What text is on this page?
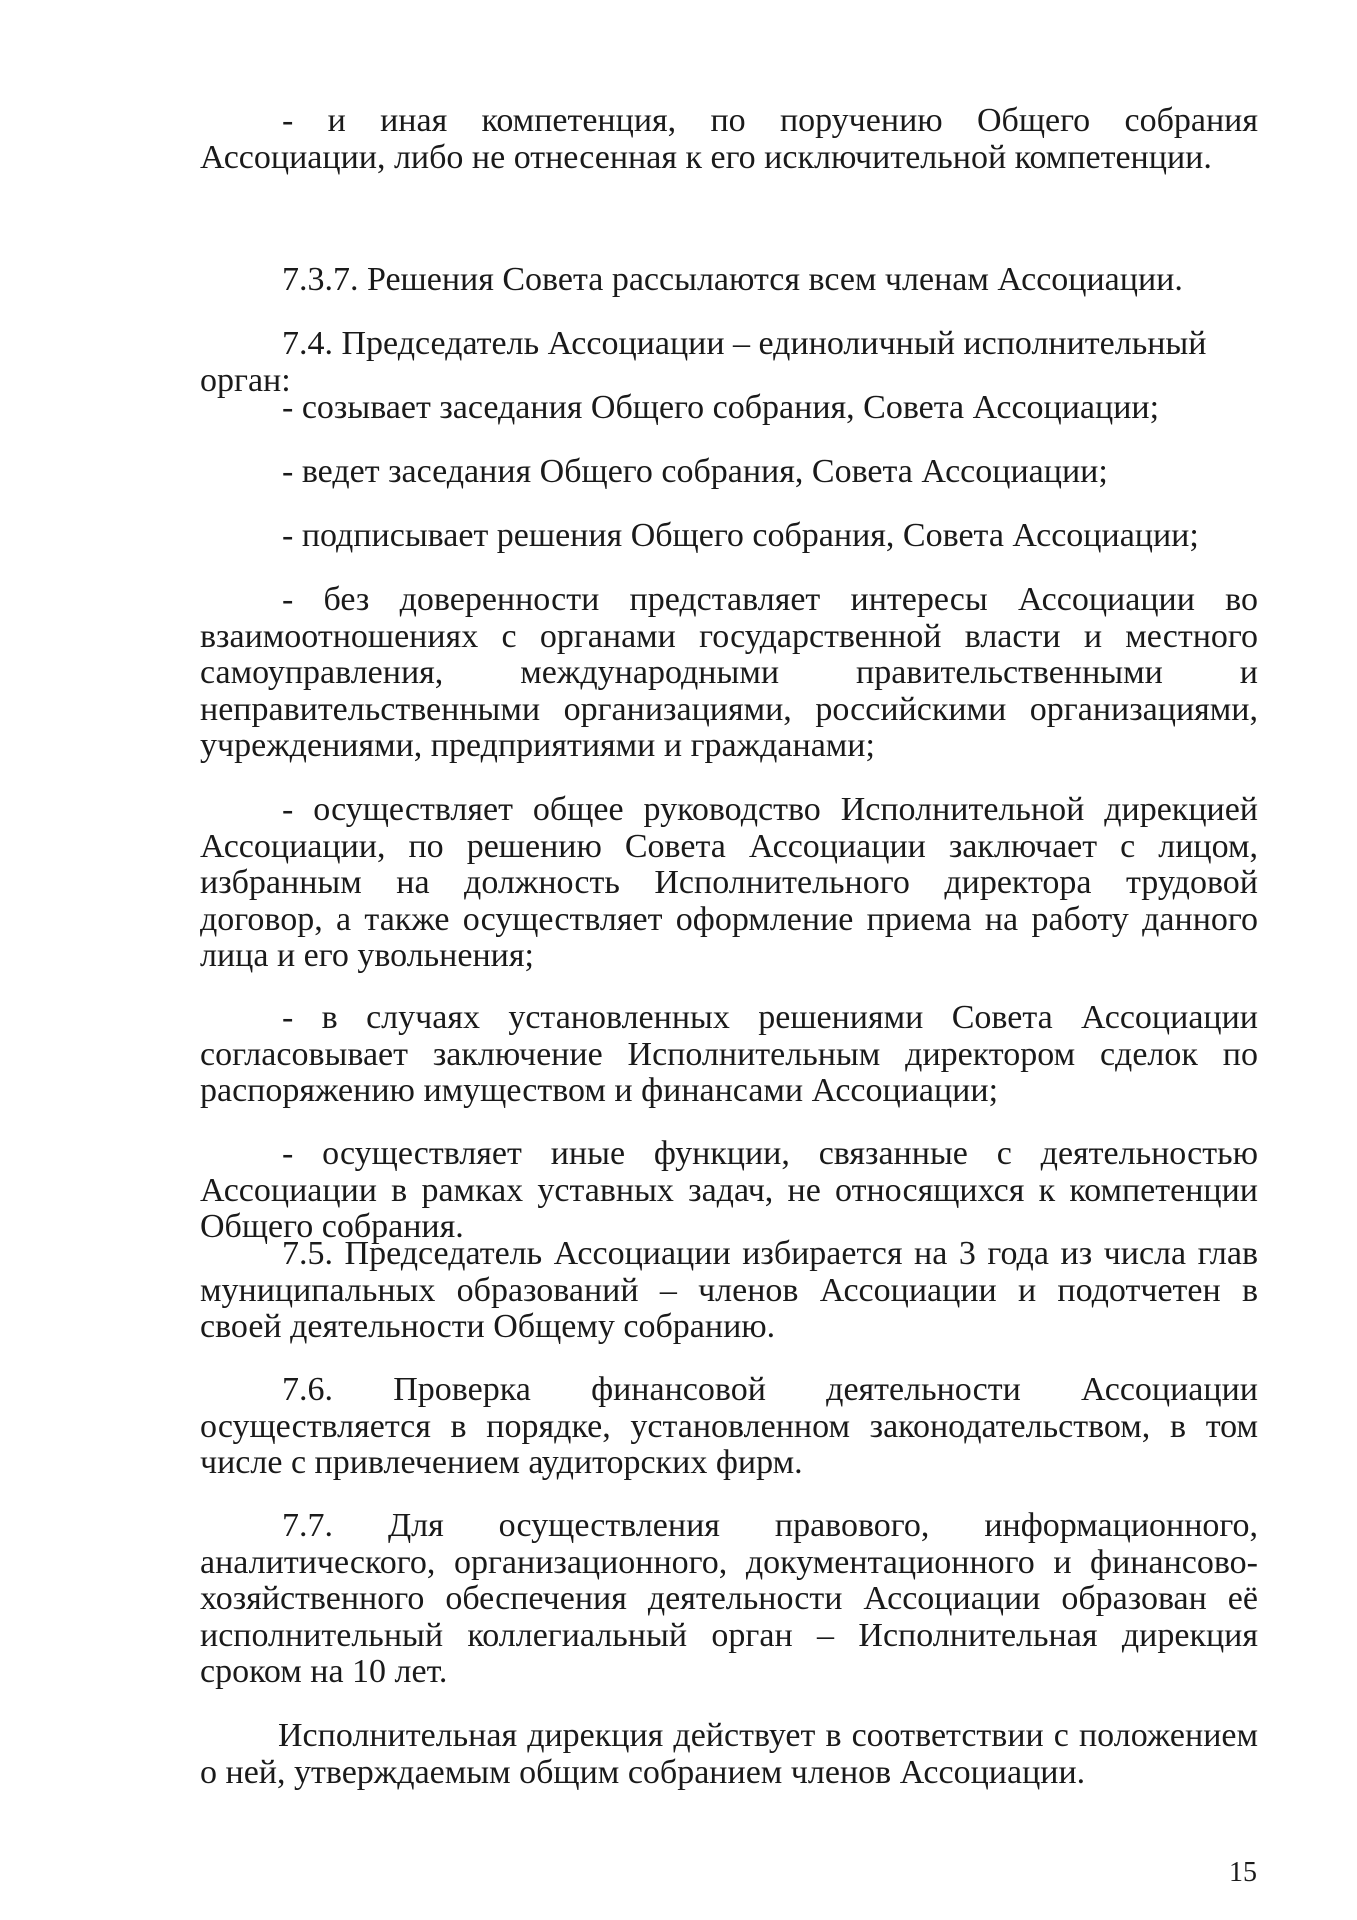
- и иная компетенция, по поручению Общего собрания Ассоциации, либо не отнесенная к его исключительной компетенции.

7.3.7. Решения Совета рассылаются всем членам Ассоциации.

7.4. Председатель Ассоциации – единоличный исполнительный орган:

- созывает заседания Общего собрания, Совета Ассоциации;

- ведет заседания Общего собрания, Совета Ассоциации;

- подписывает решения Общего собрания, Совета Ассоциации;

- без доверенности представляет интересы Ассоциации во взаимоотношениях с органами государственной власти и местного самоуправления, международными правительственными и неправительственными организациями, российскими организациями, учреждениями, предприятиями и гражданами;

- осуществляет общее руководство Исполнительной дирекцией Ассоциации, по решению Совета Ассоциации заключает с лицом, избранным на должность Исполнительного директора трудовой договор, а также осуществляет оформление приема на работу данного лица и его увольнения;

- в случаях установленных решениями Совета Ассоциации согласовывает заключение Исполнительным директором сделок по распоряжению имуществом и финансами Ассоциации;

- осуществляет иные функции, связанные с деятельностью Ассоциации в рамках уставных задач, не относящихся к компетенции Общего собрания.

7.5. Председатель Ассоциации избирается на 3 года из числа глав муниципальных образований – членов Ассоциации и подотчетен в своей деятельности Общему собранию.

7.6. Проверка финансовой деятельности Ассоциации осуществляется в порядке, установленном законодательством, в том числе с привлечением аудиторских фирм.

7.7. Для осуществления правового, информационного, аналитического, организационного, документационного и финансово-хозяйственного обеспечения деятельности Ассоциации образован её исполнительный коллегиальный орган – Исполнительная дирекция сроком на 10 лет.

Исполнительная дирекция действует в соответствии с положением о ней, утверждаемым общим собранием членов Ассоциации.

15
